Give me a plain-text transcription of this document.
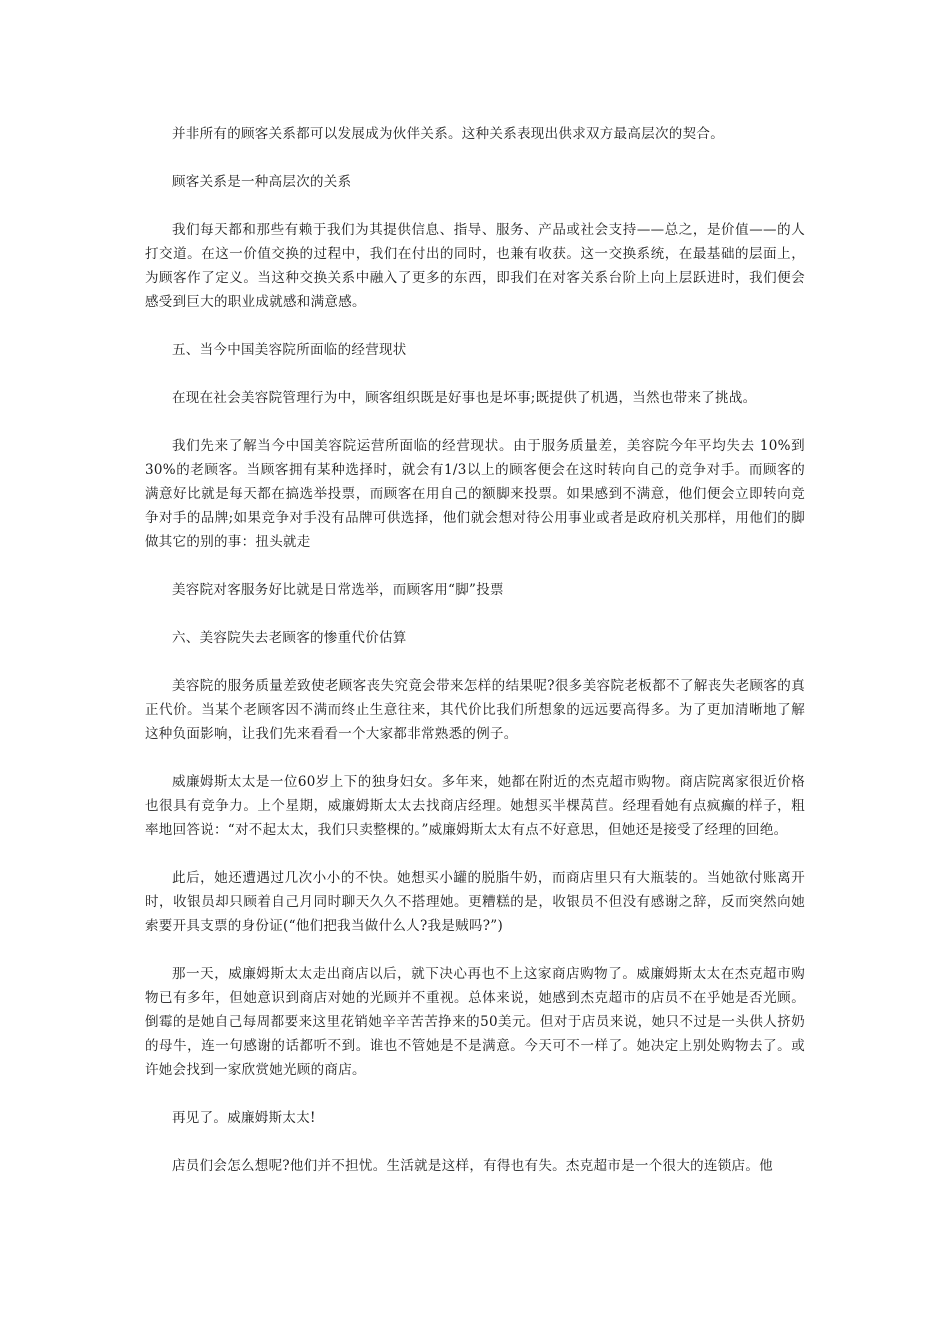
并非所有的顾客关系都可以发展成为伙伴关系。这种关系表现出供求双方最高层次的契合。

顾客关系是一种高层次的关系

我们每天都和那些有赖于我们为其提供信息、指导、服务、产品或社会支持——总之，是价值——的人打交道。在这一价值交换的过程中，我们在付出的同时，也兼有收获。这一交换系统，在最基础的层面上，为顾客作了定义。当这种交换关系中融入了更多的东西，即我们在对客关系台阶上向上层跃进时，我们便会感受到巨大的职业成就感和满意感。

五、当今中国美容院所面临的经营现状

在现在社会美容院管理行为中，顾客组织既是好事也是坏事;既提供了机遇，当然也带来了挑战。

我们先来了解当今中国美容院运营所面临的经营现状。由于服务质量差，美容院今年平均失去 10%到30%的老顾客。当顾客拥有某种选择时，就会有1/3以上的顾客便会在这时转向自己的竞争对手。而顾客的满意好比就是每天都在搞选举投票，而顾客在用自己的额脚来投票。如果感到不满意，他们便会立即转向竞争对手的品牌;如果竞争对手没有品牌可供选择，他们就会想对待公用事业或者是政府机关那样，用他们的脚做其它的别的事：扭头就走

美容院对客服务好比就是日常选举，而顾客用“脚”投票

六、美容院失去老顾客的惨重代价估算

美容院的服务质量差致使老顾客丧失究竟会带来怎样的结果呢?很多美容院老板都不了解丧失老顾客的真正代价。当某个老顾客因不满而终止生意往来，其代价比我们所想象的远远要高得多。为了更加清晰地了解这种负面影响，让我们先来看看一个大家都非常熟悉的例子。

威廉姆斯太太是一位60岁上下的独身妇女。多年来，她都在附近的杰克超市购物。商店院离家很近价格也很具有竞争力。上个星期，威廉姆斯太太去找商店经理。她想买半棵莴苣。经理看她有点疯癫的样子，粗率地回答说：“对不起太太，我们只卖整棵的。”威廉姆斯太太有点不好意思，但她还是接受了经理的回绝。

此后，她还遭遇过几次小小的不快。她想买小罐的脱脂牛奶，而商店里只有大瓶装的。当她欲付账离开时，收银员却只顾着自己月同时聊天久久不搭理她。更糟糕的是，收银员不但没有感谢之辞，反而突然向她索要开具支票的身份证(“他们把我当做什么人?我是贼吗?”)

那一天，威廉姆斯太太走出商店以后，就下决心再也不上这家商店购物了。威廉姆斯太太在杰克超市购物已有多年，但她意识到商店对她的光顾并不重视。总体来说，她感到杰克超市的店员不在乎她是否光顾。倒霉的是她自己每周都要来这里花销她辛辛苦苦挣来的50美元。但对于店员来说，她只不过是一头供人挤奶的母牛，连一句感谢的话都听不到。谁也不管她是不是满意。今天可不一样了。她决定上别处购物去了。或许她会找到一家欣赏她光顾的商店。

再见了。威廉姆斯太太!

店员们会怎么想呢?他们并不担忧。生活就是这样，有得也有失。杰克超市是一个很大的连锁店。他
